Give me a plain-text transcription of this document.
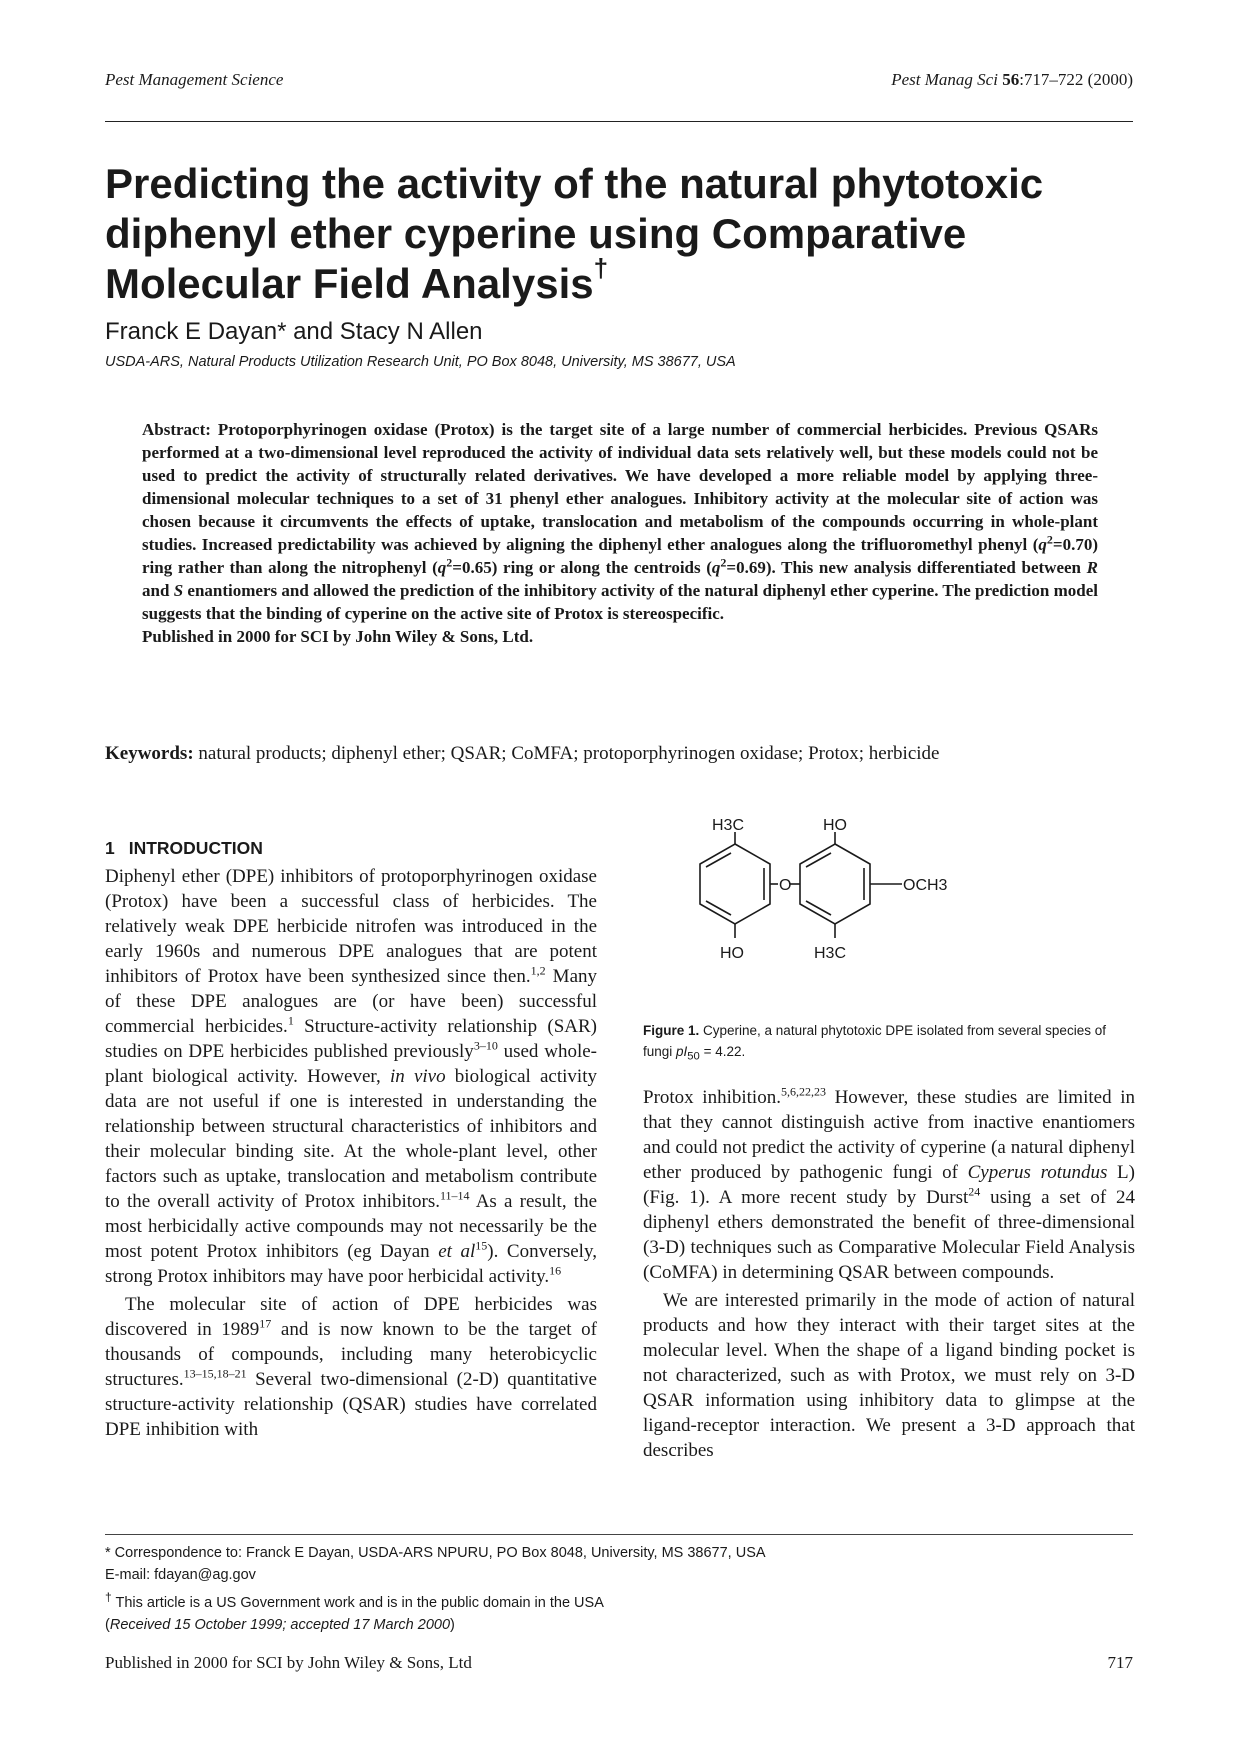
Pest Management Science	Pest Manag Sci 56:717–722 (2000)
Predicting the activity of the natural phytotoxic diphenyl ether cyperine using Comparative Molecular Field Analysis†
Franck E Dayan* and Stacy N Allen
USDA-ARS, Natural Products Utilization Research Unit, PO Box 8048, University, MS 38677, USA
Abstract: Protoporphyrinogen oxidase (Protox) is the target site of a large number of commercial herbicides. Previous QSARs performed at a two-dimensional level reproduced the activity of individual data sets relatively well, but these models could not be used to predict the activity of structurally related derivatives. We have developed a more reliable model by applying three-dimensional molecular techniques to a set of 31 phenyl ether analogues. Inhibitory activity at the molecular site of action was chosen because it circumvents the effects of uptake, translocation and metabolism of the compounds occurring in whole-plant studies. Increased predictability was achieved by aligning the diphenyl ether analogues along the trifluoromethyl phenyl (q$^2$=0.70) ring rather than along the nitrophenyl (q$^2$=0.65) ring or along the centroids (q$^2$=0.69). This new analysis differentiated between R and S enantiomers and allowed the prediction of the inhibitory activity of the natural diphenyl ether cyperine. The prediction model suggests that the binding of cyperine on the active site of Protox is stereospecific.
Published in 2000 for SCI by John Wiley & Sons, Ltd.
Keywords: natural products; diphenyl ether; QSAR; CoMFA; protoporphyrinogen oxidase; Protox; herbicide
1 INTRODUCTION

Diphenyl ether (DPE) inhibitors of protoporphyrinogen oxidase (Protox) have been a successful class of herbicides. The relatively weak DPE herbicide nitrofen was introduced in the early 1960s and numerous DPE analogues that are potent inhibitors of Protox have been synthesized since then.$^{1,2}$ Many of these DPE analogues are (or have been) successful commercial herbicides.$^1$ Structure-activity relationship (SAR) studies on DPE herbicides published previously$^{3-10}$ used whole-plant biological activity. However, in vivo biological activity data are not useful if one is interested in understanding the relationship between structural characteristics of inhibitors and their molecular binding site. At the whole-plant level, other factors such as uptake, translocation and metabolism contribute to the overall activity of Protox inhibitors.$^{11-14}$ As a result, the most herbicidally active compounds may not necessarily be the most potent Protox inhibitors (eg Dayan et al$^{15}$). Conversely, strong Protox inhibitors may have poor herbicidal activity.$^{16}$

The molecular site of action of DPE herbicides was discovered in 1989$^{17}$ and is now known to be the target of thousands of compounds, including many heterobicyclic structures.$^{13-15,18-21}$ Several two-dimensional (2-D) quantitative structure-activity relationship (QSAR) studies have correlated DPE inhibition with

H3C	HO
O	OCH3
HO	H3C
Figure 1. Cyperine, a natural phytotoxic DPE isolated from several species of fungi $pI_{50} = 4.22$.

Protox inhibition.$^{5,6,22,23}$ However, these studies are limited in that they cannot distinguish active from inactive enantiomers and could not predict the activity of cyperine (a natural diphenyl ether produced by pathogenic fungi of Cyperus rotundus L) (Fig. 1). A more recent study by Durst$^{24}$ using a set of 24 diphenyl ethers demonstrated the benefit of three-dimensional (3-D) techniques such as Comparative Molecular Field Analysis (CoMFA) in determining QSAR between compounds.

We are interested primarily in the mode of action of natural products and how they interact with their target sites at the molecular level. When the shape of a ligand binding pocket is not characterized, such as with Protox, we must rely on 3-D QSAR information using inhibitory data to glimpse at the ligand-receptor interaction. We present a 3-D approach that describes

* Correspondence to: Franck E Dayan, USDA-ARS NPURU, PO Box 8048, University, MS 38677, USA
E-mail: fdayan@ag.gov
† This article is a US Government work and is in the public domain in the USA
(Received 15 October 1999; accepted 17 March 2000)
Published in 2000 for SCI by John Wiley & Sons, Ltd	717
